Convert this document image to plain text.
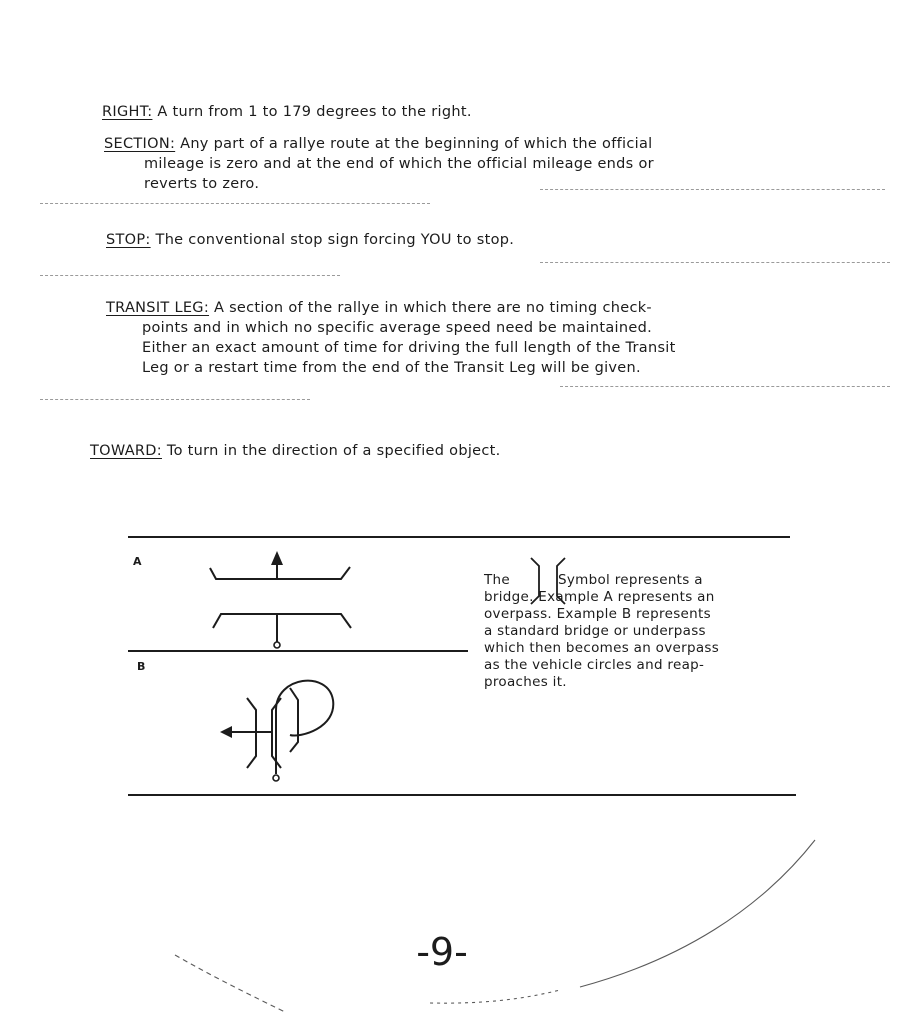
RIGHT: A turn from 1 to 179 degrees to the right.
SECTION: Any part of a rallye route at the beginning of which the official
mileage is zero and at the end of which the official mileage ends or
reverts to zero.
STOP: The conventional stop sign forcing YOU to stop.
TRANSIT LEG: A section of the rallye in which there are no timing check-
points and in which no specific average speed need be maintained.
Either an exact amount of time for driving the full length of the Transit
Leg or a restart time from the end of the Transit Leg will be given.
TOWARD: To turn in the direction of a specified object.
A
B
The	Symbol represents a
bridge. Example A represents an
overpass. Example B represents
a standard bridge or underpass
which then becomes an overpass
as the vehicle circles and reap-
proaches it.
-9-
